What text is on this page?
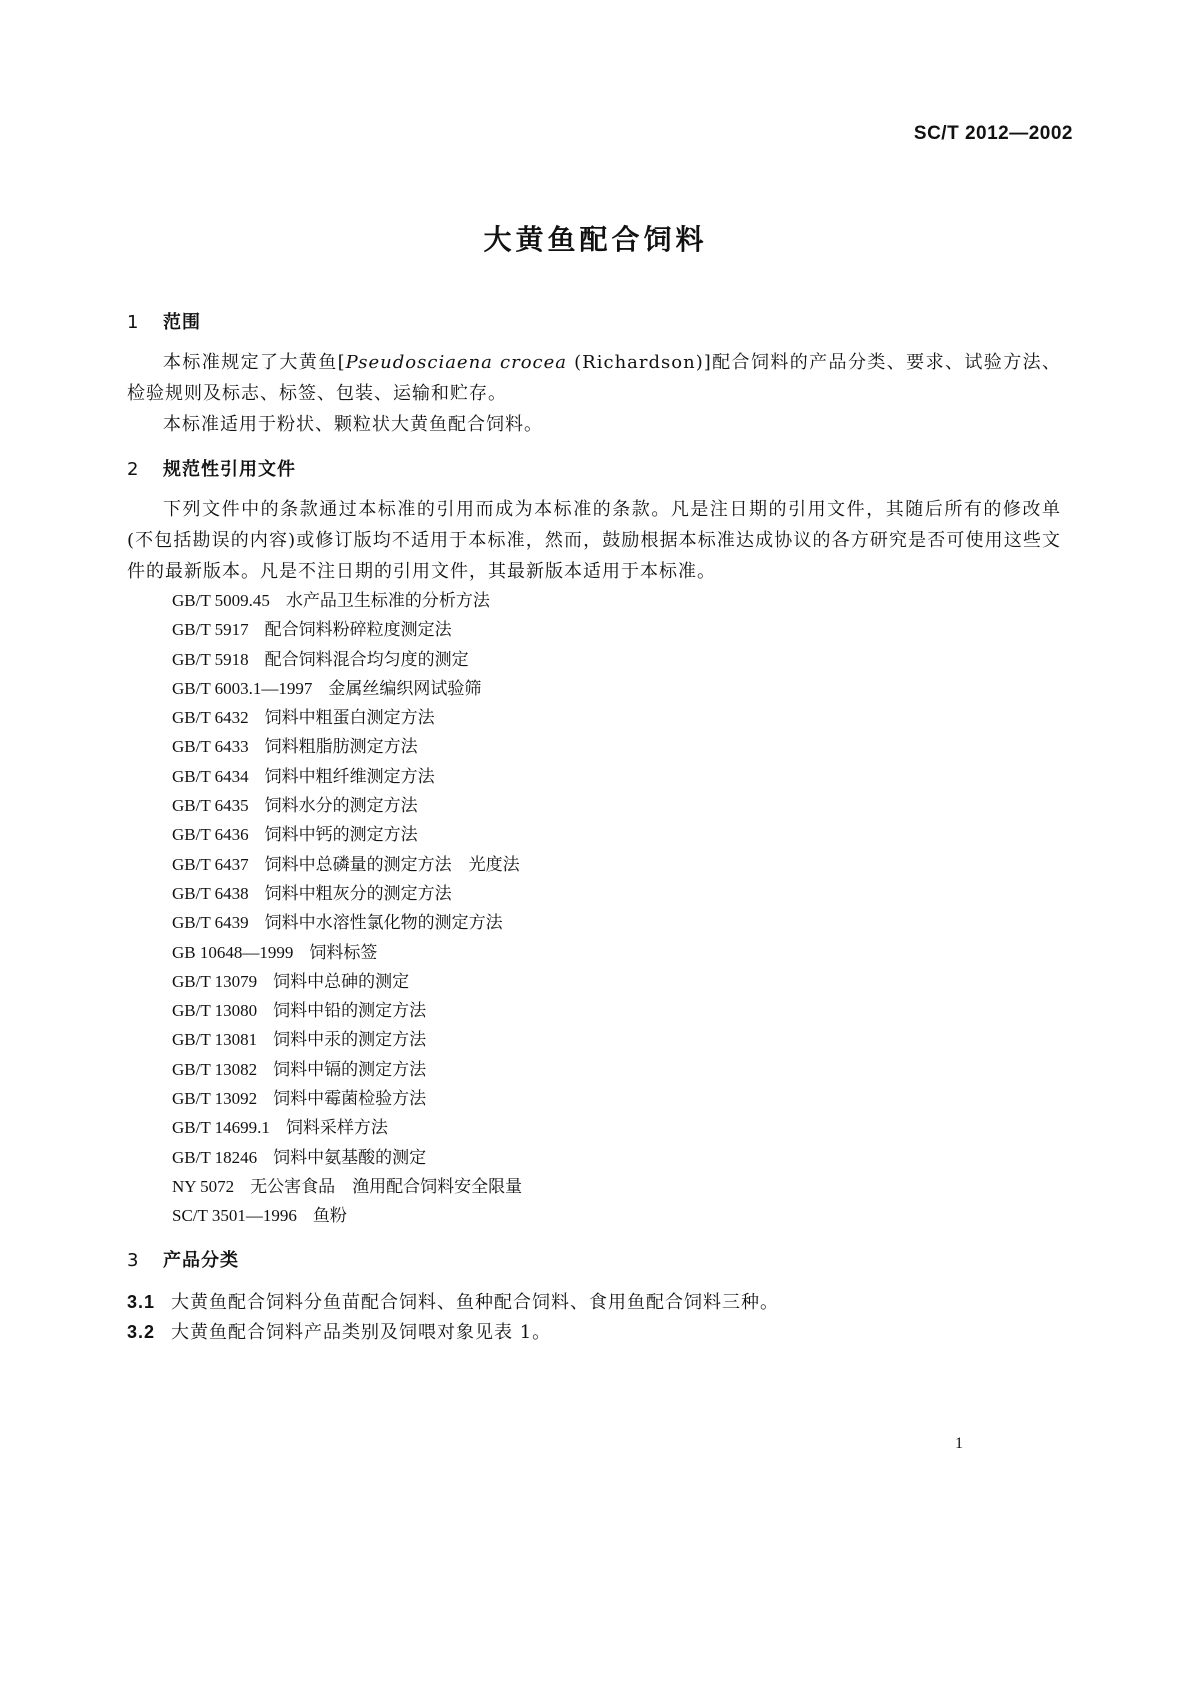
SC/T 2012—2002
大黄鱼配合饲料
1 范围

本标准规定了大黄鱼[Pseudosciaena crocea (Richardson)]配合饲料的产品分类、要求、试验方法、检验规则及标志、标签、包装、运输和贮存。

本标准适用于粉状、颗粒状大黄鱼配合饲料。

2 规范性引用文件

下列文件中的条款通过本标准的引用而成为本标准的条款。凡是注日期的引用文件，其随后所有的修改单(不包括勘误的内容)或修订版均不适用于本标准，然而，鼓励根据本标准达成协议的各方研究是否可使用这些文件的最新版本。凡是不注日期的引用文件，其最新版本适用于本标准。

GB/T 5009.45 水产品卫生标准的分析方法
GB/T 5917 配合饲料粉碎粒度测定法
GB/T 5918 配合饲料混合均匀度的测定
GB/T 6003.1—1997 金属丝编织网试验筛
GB/T 6432 饲料中粗蛋白测定方法
GB/T 6433 饲料粗脂肪测定方法
GB/T 6434 饲料中粗纤维测定方法
GB/T 6435 饲料水分的测定方法
GB/T 6436 饲料中钙的测定方法
GB/T 6437 饲料中总磷量的测定方法　光度法
GB/T 6438 饲料中粗灰分的测定方法
GB/T 6439 饲料中水溶性氯化物的测定方法
GB 10648—1999 饲料标签
GB/T 13079 饲料中总砷的测定
GB/T 13080 饲料中铅的测定方法
GB/T 13081 饲料中汞的测定方法
GB/T 13082 饲料中镉的测定方法
GB/T 13092 饲料中霉菌检验方法
GB/T 14699.1 饲料采样方法
GB/T 18246 饲料中氨基酸的测定
NY 5072 无公害食品　渔用配合饲料安全限量
SC/T 3501—1996 鱼粉
3 产品分类
3.1 大黄鱼配合饲料分鱼苗配合饲料、鱼种配合饲料、食用鱼配合饲料三种。
3.2 大黄鱼配合饲料产品类别及饲喂对象见表 1。
1
